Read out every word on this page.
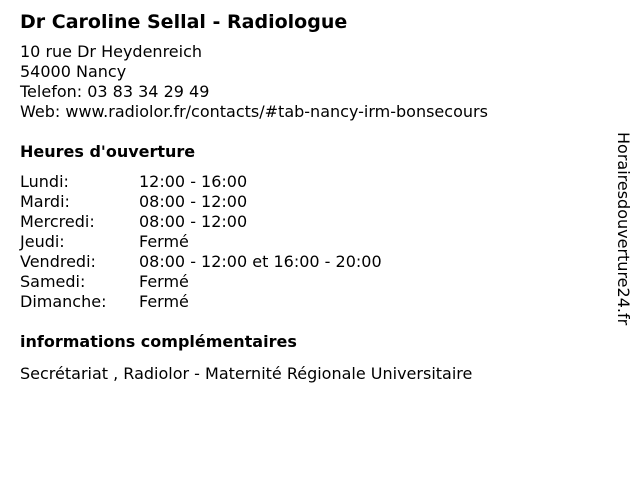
Dr Caroline Sellal - Radiologue
10 rue Dr Heydenreich
54000 Nancy
Telefon: 03 83 34 29 49
Web: www.radiolor.fr/contacts/#tab-nancy-irm-bonsecours
Heures d'ouverture
Lundi:	12:00 - 16:00
Mardi:	08:00 - 12:00
Mercredi:	08:00 - 12:00
Jeudi:	Fermé
Vendredi:	08:00 - 12:00 et 16:00 - 20:00
Samedi:	Fermé
Dimanche:	Fermé
informations complémentaires
Secrétariat , Radiolor - Maternité Régionale Universitaire
Horairesdouverture24.fr
